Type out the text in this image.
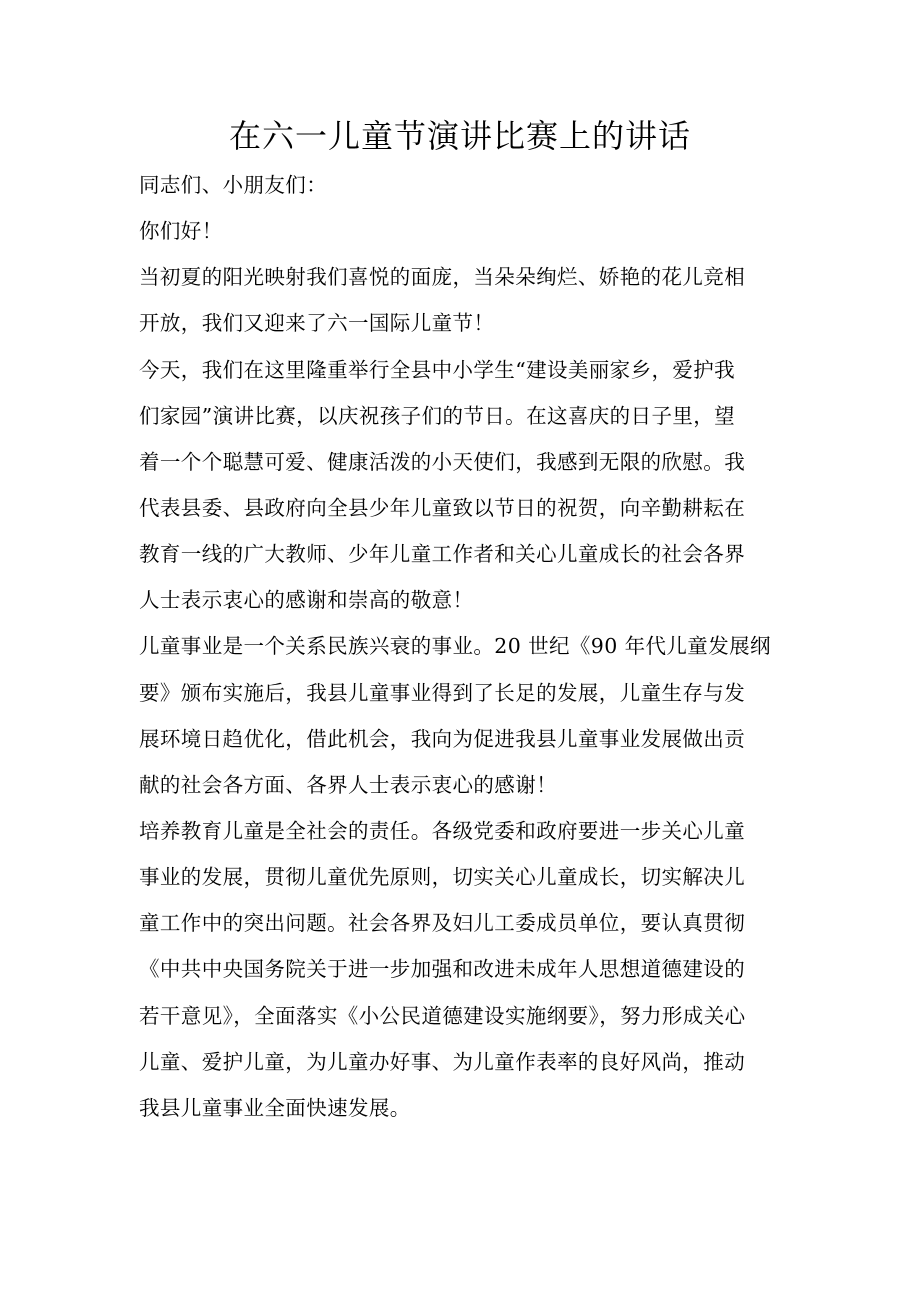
在六一儿童节演讲比赛上的讲话
同志们、小朋友们：
你们好！
当初夏的阳光映射我们喜悦的面庞，当朵朵绚烂、娇艳的花儿竞相
开放，我们又迎来了六一国际儿童节！
今天，我们在这里隆重举行全县中小学生“建设美丽家乡，爱护我
们家园”演讲比赛，以庆祝孩子们的节日。在这喜庆的日子里，望
着一个个聪慧可爱、健康活泼的小天使们，我感到无限的欣慰。我
代表县委、县政府向全县少年儿童致以节日的祝贺，向辛勤耕耘在
教育一线的广大教师、少年儿童工作者和关心儿童成长的社会各界
人士表示衷心的感谢和崇高的敬意！
儿童事业是一个关系民族兴衰的事业。20 世纪《90 年代儿童发展纲
要》颁布实施后，我县儿童事业得到了长足的发展，儿童生存与发
展环境日趋优化，借此机会，我向为促进我县儿童事业发展做出贡
献的社会各方面、各界人士表示衷心的感谢！
培养教育儿童是全社会的责任。各级党委和政府要进一步关心儿童
事业的发展，贯彻儿童优先原则，切实关心儿童成长，切实解决儿
童工作中的突出问题。社会各界及妇儿工委成员单位，要认真贯彻
《中共中央国务院关于进一步加强和改进未成年人思想道德建设的
若干意见》，全面落实《小公民道德建设实施纲要》，努力形成关心
儿童、爱护儿童，为儿童办好事、为儿童作表率的良好风尚，推动
我县儿童事业全面快速发展。
